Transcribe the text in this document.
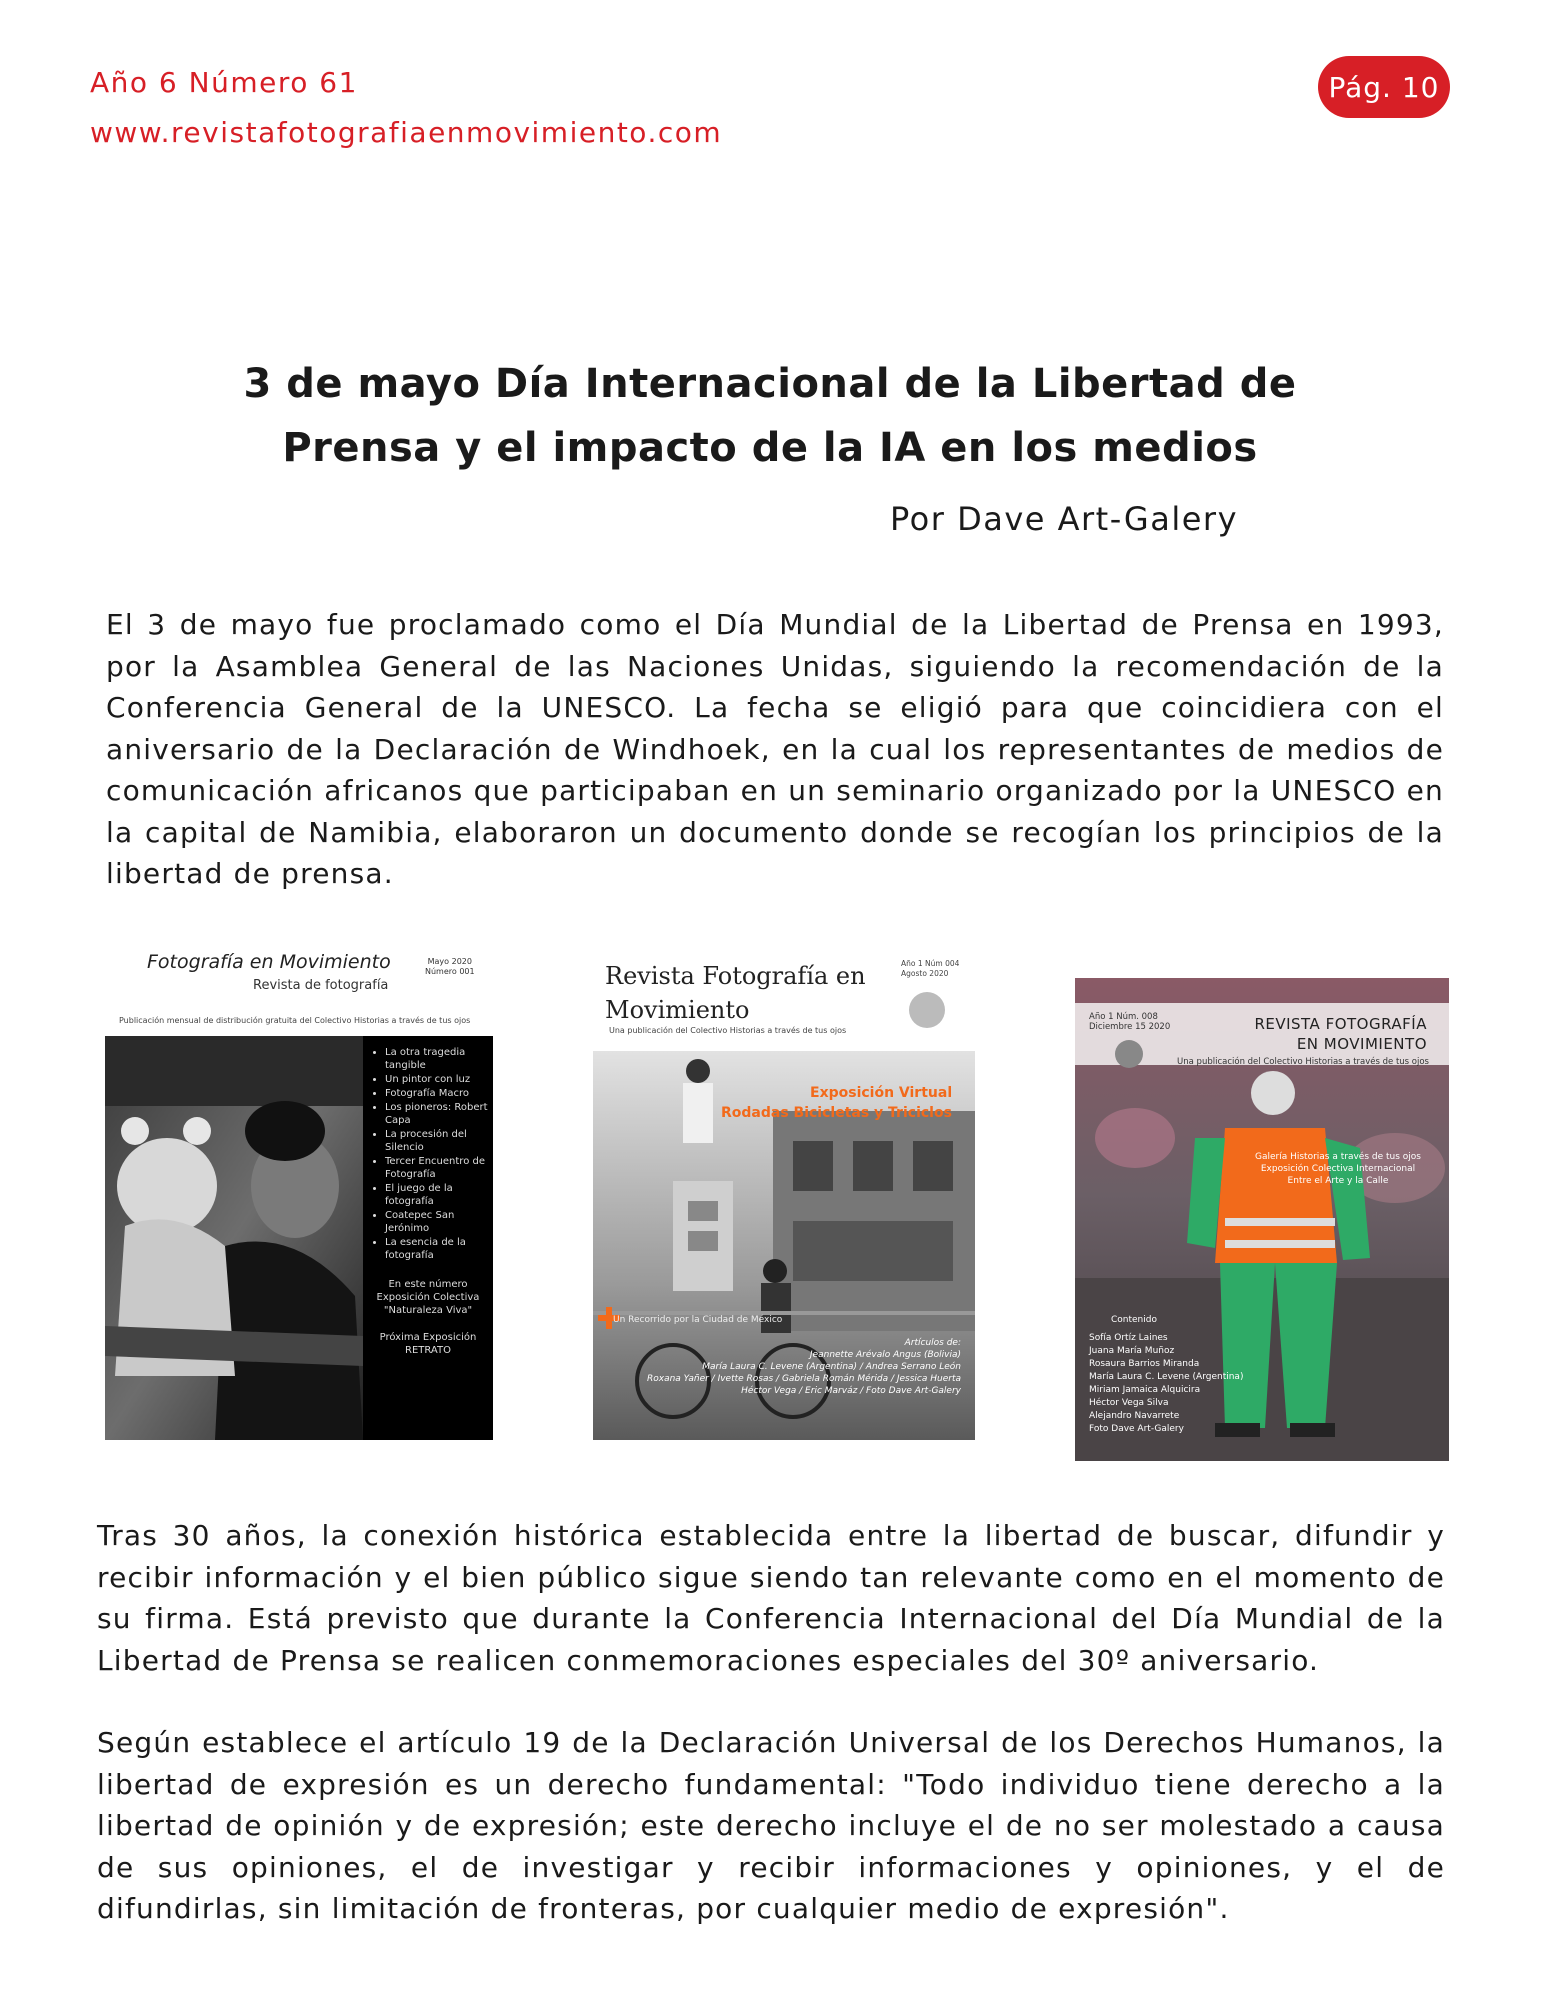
Año 6 Número 61
www.revistafotografiaenmovimiento.com
Pág. 10
3 de mayo Día Internacional de la Libertad de
Prensa y el impacto de la IA en los medios
Por Dave Art-Galery

El 3 de mayo fue proclamado como el Día Mundial de la Libertad de Prensa en 1993, por la Asamblea General de las Naciones Unidas, siguiendo la recomendación de la Conferencia General de la UNESCO. La fecha se eligió para que coincidiera con el aniversario de la Declaración de Windhoek, en la cual los representantes de medios de comunicación africanos que participaban en un seminario organizado por la UNESCO en la capital de Namibia, elaboraron un documento donde se recogían los principios de la libertad de prensa.

Fotografía en Movimiento
Revista de fotografía
Mayo 2020
Número 001
Publicación mensual de distribución gratuita del Colectivo Historias a través de tus ojos
• La otra tragedia tangible
• Un pintor con luz
• Fotografía Macro
• Los pioneros: Robert Capa
• La procesión del Silencio
• Tercer Encuentro de Fotografía
• El juego de la fotografía
• Coatepec San Jerónimo
• La esencia de la fotografía
En este número
Exposición Colectiva
"Naturaleza Viva"
Próxima Exposición
RETRATO
Revista Fotografía en Movimiento
Año 1 Núm 004
Agosto 2020
Una publicación del Colectivo Historias a través de tus ojos
Exposición Virtual
Rodadas Bicicletas y Triciclos
Un Recorrido por la Ciudad de México
Artículos de:
Jeannette Arévalo Angus (Bolivia)
María Laura C. Levene (Argentina) / Andrea Serrano León
Roxana Yañer / Ivette Rosas / Gabriela Román Mérida / Jessica Huerta
Héctor Vega / Eric Marváz / Foto Dave Art-Galery
Año 1 Núm. 008
Diciembre 15 2020	REVISTA FOTOGRAFÍA
EN MOVIMIENTO
Una publicación del Colectivo Historias a través de tus ojos
Galería Historias a través de tus ojos
Exposición Colectiva Internacional
Entre el Arte y la Calle
Contenido
Sofía Ortíz Laines
Juana María Muñoz
Rosaura Barrios Miranda
María Laura C. Levene (Argentina)
Miriam Jamaica Alquicira
Héctor Vega Silva
Alejandro Navarrete
Foto Dave Art-Galery

Tras 30 años, la conexión histórica establecida entre la libertad de buscar, difundir y recibir información y el bien público sigue siendo tan relevante como en el momento de su firma. Está previsto que durante la Conferencia Internacional del Día Mundial de la Libertad de Prensa se realicen conmemoraciones especiales del 30º aniversario.

Según establece el artículo 19 de la Declaración Universal de los Derechos Humanos, la libertad de expresión es un derecho fundamental: "Todo individuo tiene derecho a la libertad de opinión y de expresión; este derecho incluye el de no ser molestado a causa de sus opiniones, el de investigar y recibir informaciones y opiniones, y el de difundirlas, sin limitación de fronteras, por cualquier medio de expresión".
